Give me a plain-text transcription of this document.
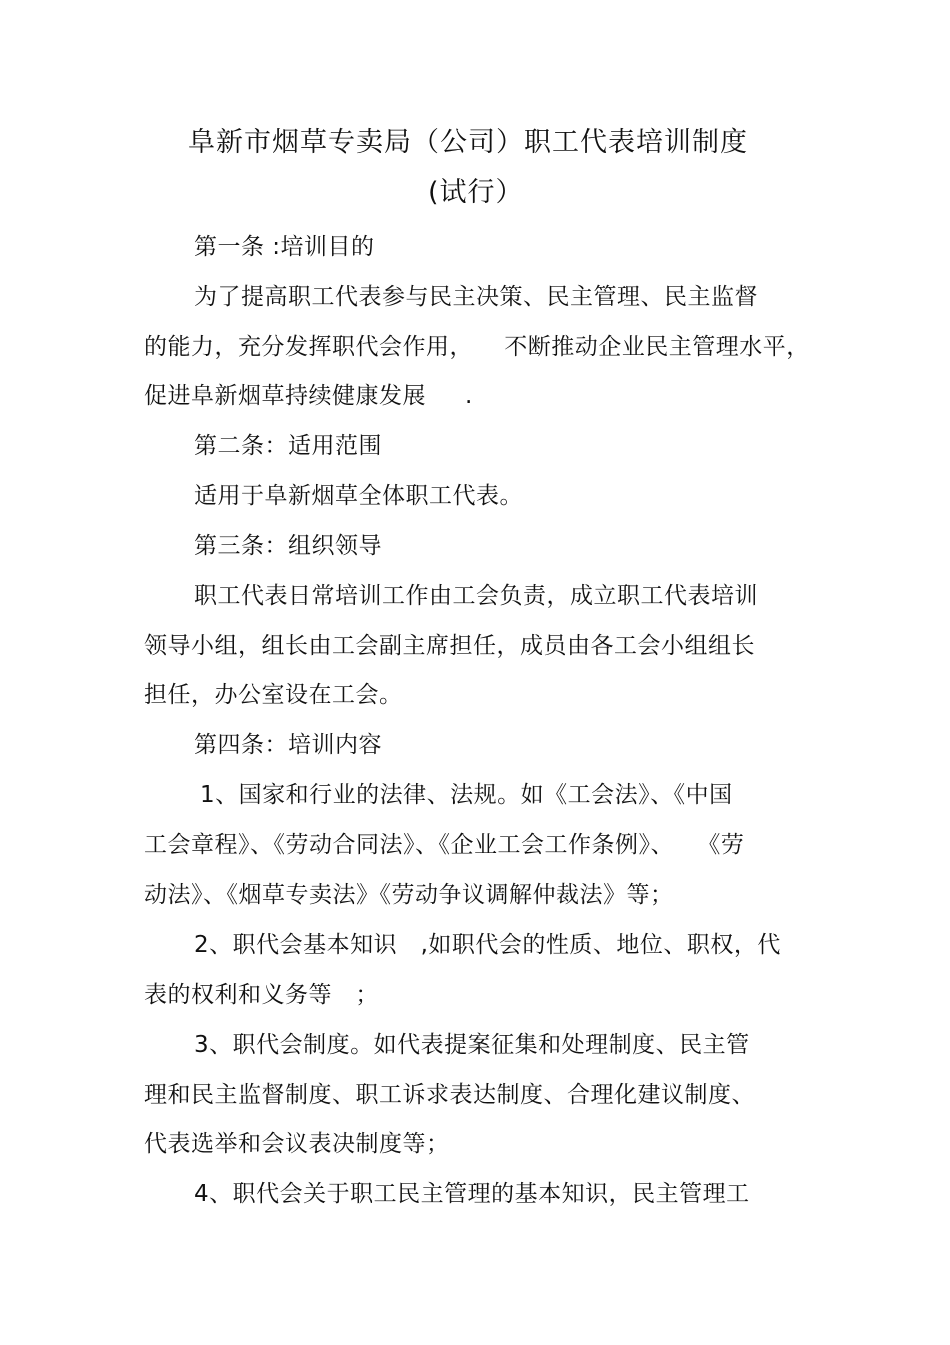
阜新市烟草专卖局（公司）职工代表培训制度
(试行）
第一条 :培训目的
为了提高职工代表参与民主决策、民主管理、民主监督
的能力，充分发挥职代会作用，    不断推动企业民主管理水平，
促进阜新烟草持续健康发展     .
第二条：适用范围
适用于阜新烟草全体职工代表。
第三条：组织领导
职工代表日常培训工作由工会负责，成立职工代表培训
领导小组，组长由工会副主席担任，成员由各工会小组组长
担任，办公室设在工会。
第四条：培训内容
1、国家和行业的法律、法规。如《工会法》、《中国
工会章程》、《劳动合同法》、《企业工会工作条例》、   《劳
动法》、《烟草专卖法》《劳动争议调解仲裁法》等；
2、职代会基本知识   ,如职代会的性质、地位、职权，代
表的权利和义务等   ；
3、职代会制度。如代表提案征集和处理制度、民主管
理和民主监督制度、职工诉求表达制度、合理化建议制度、
代表选举和会议表决制度等；
4、职代会关于职工民主管理的基本知识，民主管理工
